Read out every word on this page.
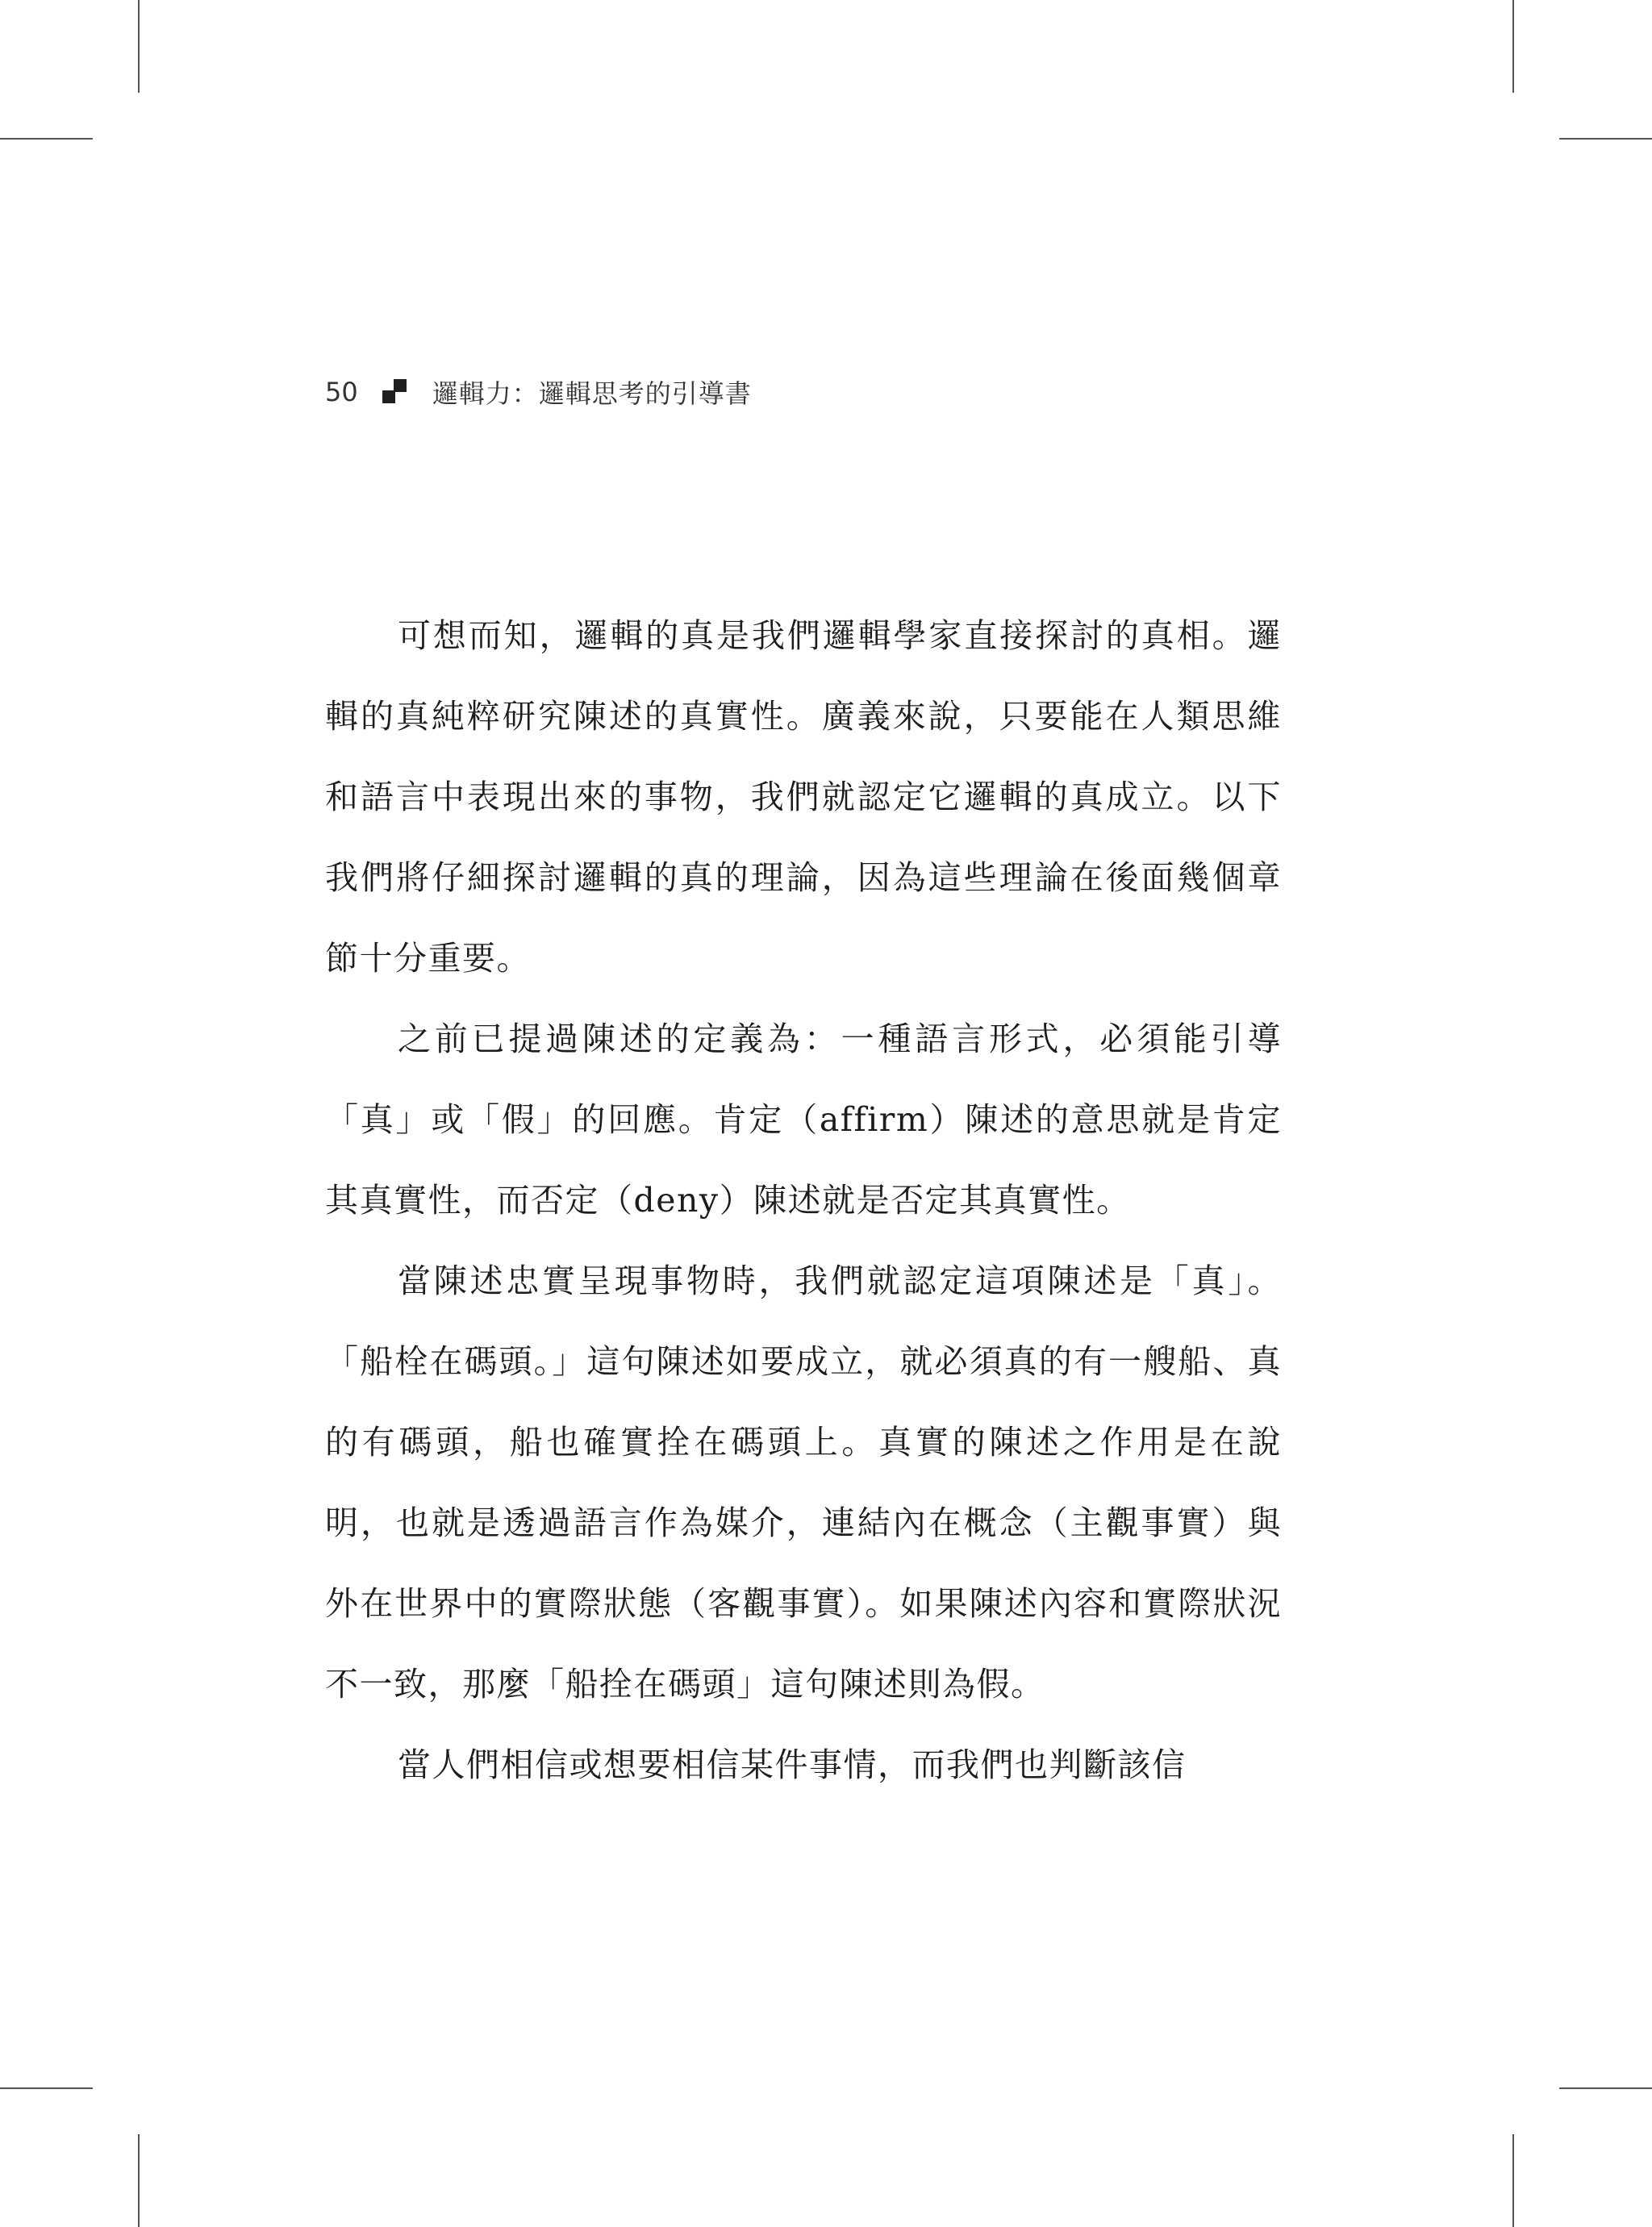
50	邏輯力：邏輯思考的引導書

可想而知，邏輯的真是我們邏輯學家直接探討的真相。邏輯的真純粹研究陳述的真實性。廣義來說，只要能在人類思維和語言中表現出來的事物，我們就認定它邏輯的真成立。以下我們將仔細探討邏輯的真的理論，因為這些理論在後面幾個章節十分重要。

之前已提過陳述的定義為：一種語言形式，必須能引導「真」或「假」的回應。肯定（affirm）陳述的意思就是肯定其真實性，而否定（deny）陳述就是否定其真實性。

當陳述忠實呈現事物時，我們就認定這項陳述是「真」。「船栓在碼頭。」這句陳述如要成立，就必須真的有一艘船、真的有碼頭，船也確實拴在碼頭上。真實的陳述之作用是在說明，也就是透過語言作為媒介，連結內在概念（主觀事實）與外在世界中的實際狀態（客觀事實）。如果陳述內容和實際狀況不一致，那麼「船拴在碼頭」這句陳述則為假。

當人們相信或想要相信某件事情，而我們也判斷該信
